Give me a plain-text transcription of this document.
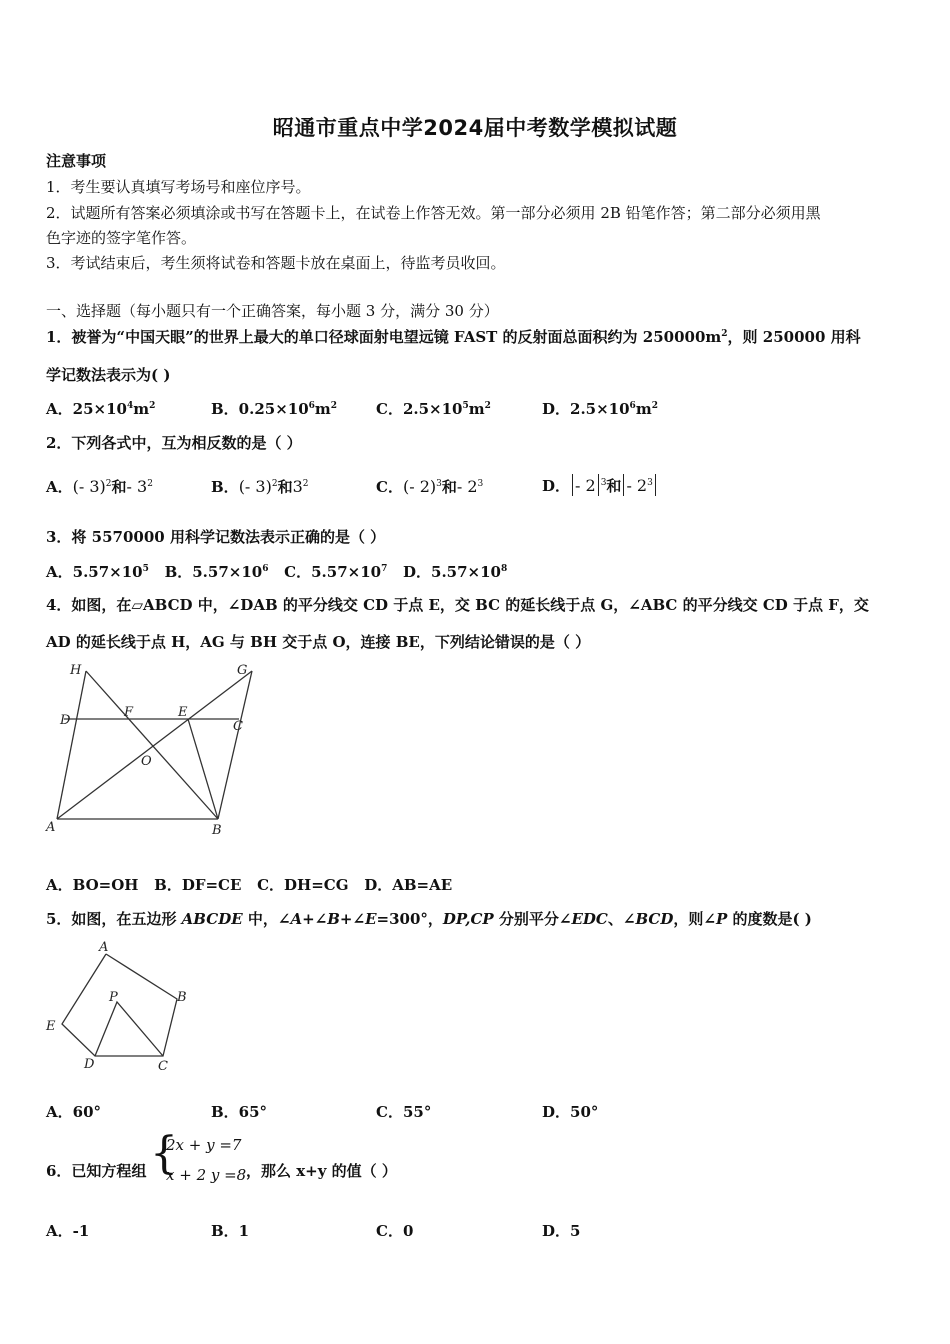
昭通市重点中学2024届中考数学模拟试题
注意事项
1．考生要认真填写考场号和座位序号。
2．试题所有答案必须填涂或书写在答题卡上，在试卷上作答无效。第一部分必须用 2B 铅笔作答；第二部分必须用黑
色字迹的签字笔作答。
3．考试结束后，考生须将试卷和答题卡放在桌面上，待监考员收回。
一、选择题（每小题只有一个正确答案，每小题 3 分，满分 30 分）
1．被誉为“中国天眼”的世界上最大的单口径球面射电望远镜 FAST 的反射面总面积约为 $250000m^2$，则 250000 用科
学记数法表示为( )
A．$25\times 10^4m^2$	B．$0.25\times 10^6m^2$	C．$2.5\times 10^5m^2$	D．$2.5\times 10^6m^2$
2．下列各式中，互为相反数的是（ ）
A．(- 3)$^2$和- $3^2$	B．(- 3)$^2$和$3^2$	C．(- 2)$^3$和- $2^3$	D． - 2 $^3$和 - $2^3$
3．将 5570000 用科学记数法表示正确的是（ ）
A．$5.57\times 10^5$ B．$5.57\times 10^6$ C．$5.57\times 10^7$ D．$5.57\times 10^8$
4．如图，在▱ABCD 中，∠DAB 的平分线交 CD 于点 E，交 BC 的延长线于点 G，∠ABC 的平分线交 CD 于点 F，交
AD 的延长线于点 H，AG 与 BH 交于点 O，连接 BE，下列结论错误的是（ ）
H	G
D
F	E
C
O
A	B
A．BO=OH B．DF=CE C．DH=CG D．AB=AE
5．如图，在五边形 ABCDE 中，∠A+∠B+∠E=300°，DP,CP 分别平分∠EDC、∠BCD，则∠P 的度数是( )
A
B
C
D
E
P
A．60°	B．65°	C．55°	D．50°
6．已知方程组 {
2x + y =7
x + 2 y =8 ，那么 x+y 的值（ ）
A．-1	B．1	C．0	D．5
